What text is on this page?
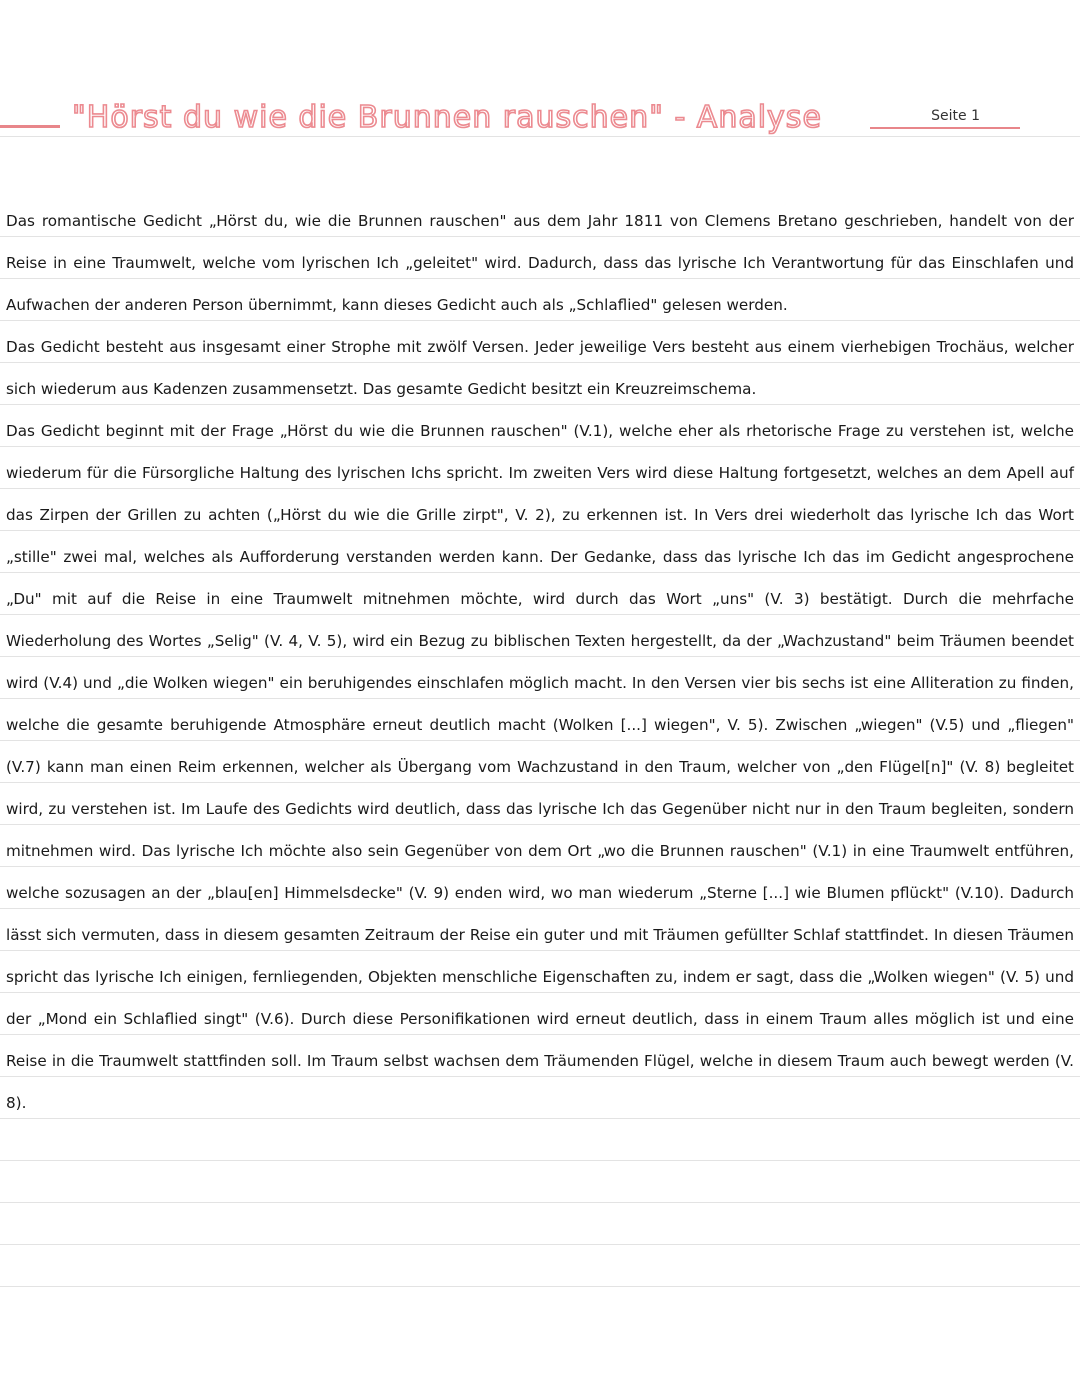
"Hörst du wie die Brunnen rauschen" - Analyse	Seite 1

Das romantische Gedicht „Hörst du, wie die Brunnen rauschen" aus dem Jahr 1811 von Clemens Bretano geschrieben, handelt von der Reise in eine Traumwelt, welche vom lyrischen Ich „geleitet" wird. Dadurch, dass das lyrische Ich Verantwortung für das Einschlafen und Aufwachen der anderen Person übernimmt, kann dieses Gedicht auch als „Schlaflied" gelesen werden.

Das Gedicht besteht aus insgesamt einer Strophe mit zwölf Versen. Jeder jeweilige Vers besteht aus einem vierhebigen Trochäus, welcher sich wiederum aus Kadenzen zusammensetzt. Das gesamte Gedicht besitzt ein Kreuzreimschema.

Das Gedicht beginnt mit der Frage „Hörst du wie die Brunnen rauschen" (V.1), welche eher als rhetorische Frage zu verstehen ist, welche wiederum für die Fürsorgliche Haltung des lyrischen Ichs spricht. Im zweiten Vers wird diese Haltung fortgesetzt, welches an dem Apell auf das Zirpen der Grillen zu achten („Hörst du wie die Grille zirpt", V. 2), zu erkennen ist. In Vers drei wiederholt das lyrische Ich das Wort „stille" zwei mal, welches als Aufforderung verstanden werden kann. Der Gedanke, dass das lyrische Ich das im Gedicht angesprochene „Du" mit auf die Reise in eine Traumwelt mitnehmen möchte, wird durch das Wort „uns" (V. 3) bestätigt. Durch die mehrfache Wiederholung des Wortes „Selig" (V. 4, V. 5), wird ein Bezug zu biblischen Texten hergestellt, da der „Wachzustand" beim Träumen beendet wird (V.4) und „die Wolken wiegen" ein beruhigendes einschlafen möglich macht. In den Versen vier bis sechs ist eine Alliteration zu finden, welche die gesamte beruhigende Atmosphäre erneut deutlich macht (Wolken [...] wiegen", V. 5). Zwischen „wiegen" (V.5) und „fliegen" (V.7) kann man einen Reim erkennen, welcher als Übergang vom Wachzustand in den Traum, welcher von „den Flügel[n]" (V. 8) begleitet wird, zu verstehen ist. Im Laufe des Gedichts wird deutlich, dass das lyrische Ich das Gegenüber nicht nur in den Traum begleiten, sondern mitnehmen wird. Das lyrische Ich möchte also sein Gegenüber von dem Ort „wo die Brunnen rauschen" (V.1) in eine Traumwelt entführen, welche sozusagen an der „blau[en] Himmelsdecke" (V. 9) enden wird, wo man wiederum „Sterne [...] wie Blumen pflückt" (V.10). Dadurch lässt sich vermuten, dass in diesem gesamten Zeitraum der Reise ein guter und mit Träumen gefüllter Schlaf stattfindet. In diesen Träumen spricht das lyrische Ich einigen, fernliegenden, Objekten menschliche Eigenschaften zu, indem er sagt, dass die „Wolken wiegen" (V. 5) und der „Mond ein Schlaflied singt" (V.6). Durch diese Personifikationen wird erneut deutlich, dass in einem Traum alles möglich ist und eine Reise in die Traumwelt stattfinden soll. Im Traum selbst wachsen dem Träumenden Flügel, welche in diesem Traum auch bewegt werden (V. 8).
